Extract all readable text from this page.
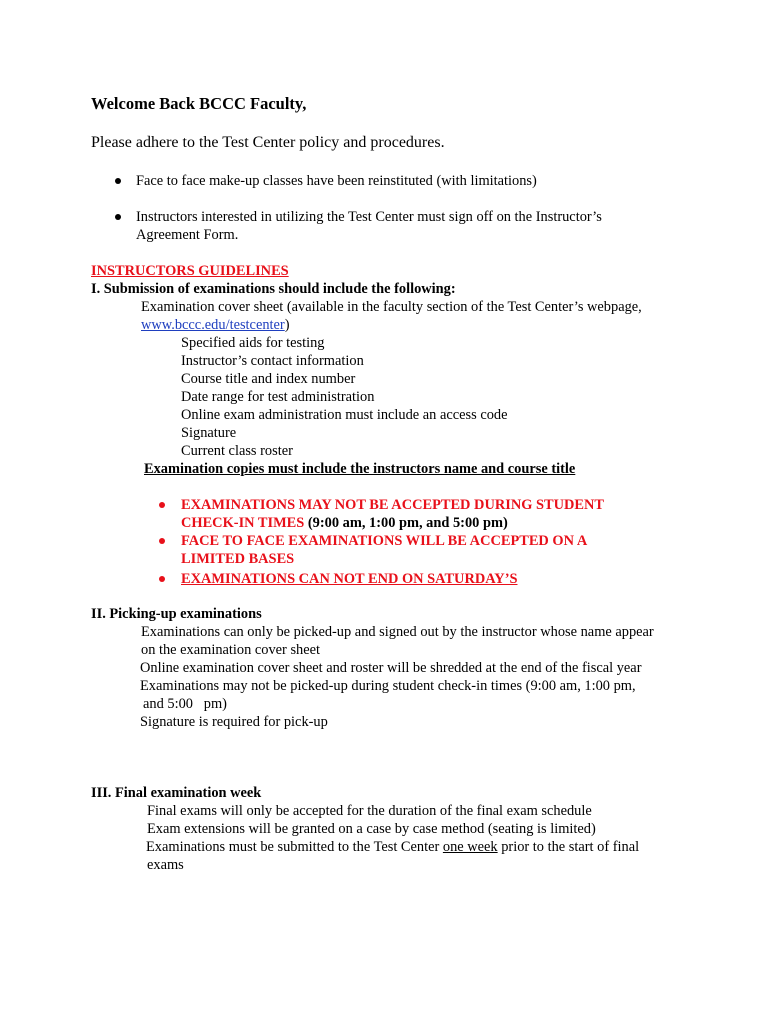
Welcome Back BCCC Faculty,
Please adhere to the Test Center policy and procedures.
Face to face make-up classes have been reinstituted (with limitations)
Instructors interested in utilizing the Test Center must sign off on the Instructor’s
Agreement Form.
INSTRUCTORS GUIDELINES
I. Submission of examinations should include the following:
Examination cover sheet (available in the faculty section of the Test Center’s webpage,
www.bccc.edu/testcenter)
Specified aids for testing
Instructor’s contact information
Course title and index number
Date range for test administration
Online exam administration must include an access code
Signature
Current class roster
Examination copies must include the instructors name and course title
EXAMINATIONS MAY NOT BE ACCEPTED DURING STUDENT
CHECK-IN TIMES (9:00 am, 1:00 pm, and 5:00 pm)
FACE TO FACE EXAMINATIONS WILL BE ACCEPTED ON A
LIMITED BASES
EXAMINATIONS CAN NOT END ON SATURDAY’S
II. Picking-up examinations
Examinations can only be picked-up and signed out by the instructor whose name appear
on the examination cover sheet
Online examination cover sheet and roster will be shredded at the end of the fiscal year
Examinations may not be picked-up during student check-in times (9:00 am, 1:00 pm,
and 5:00   pm)
Signature is required for pick-up
III. Final examination week
Final exams will only be accepted for the duration of the final exam schedule
Exam extensions will be granted on a case by case method (seating is limited)
Examinations must be submitted to the Test Center one week prior to the start of final
exams
